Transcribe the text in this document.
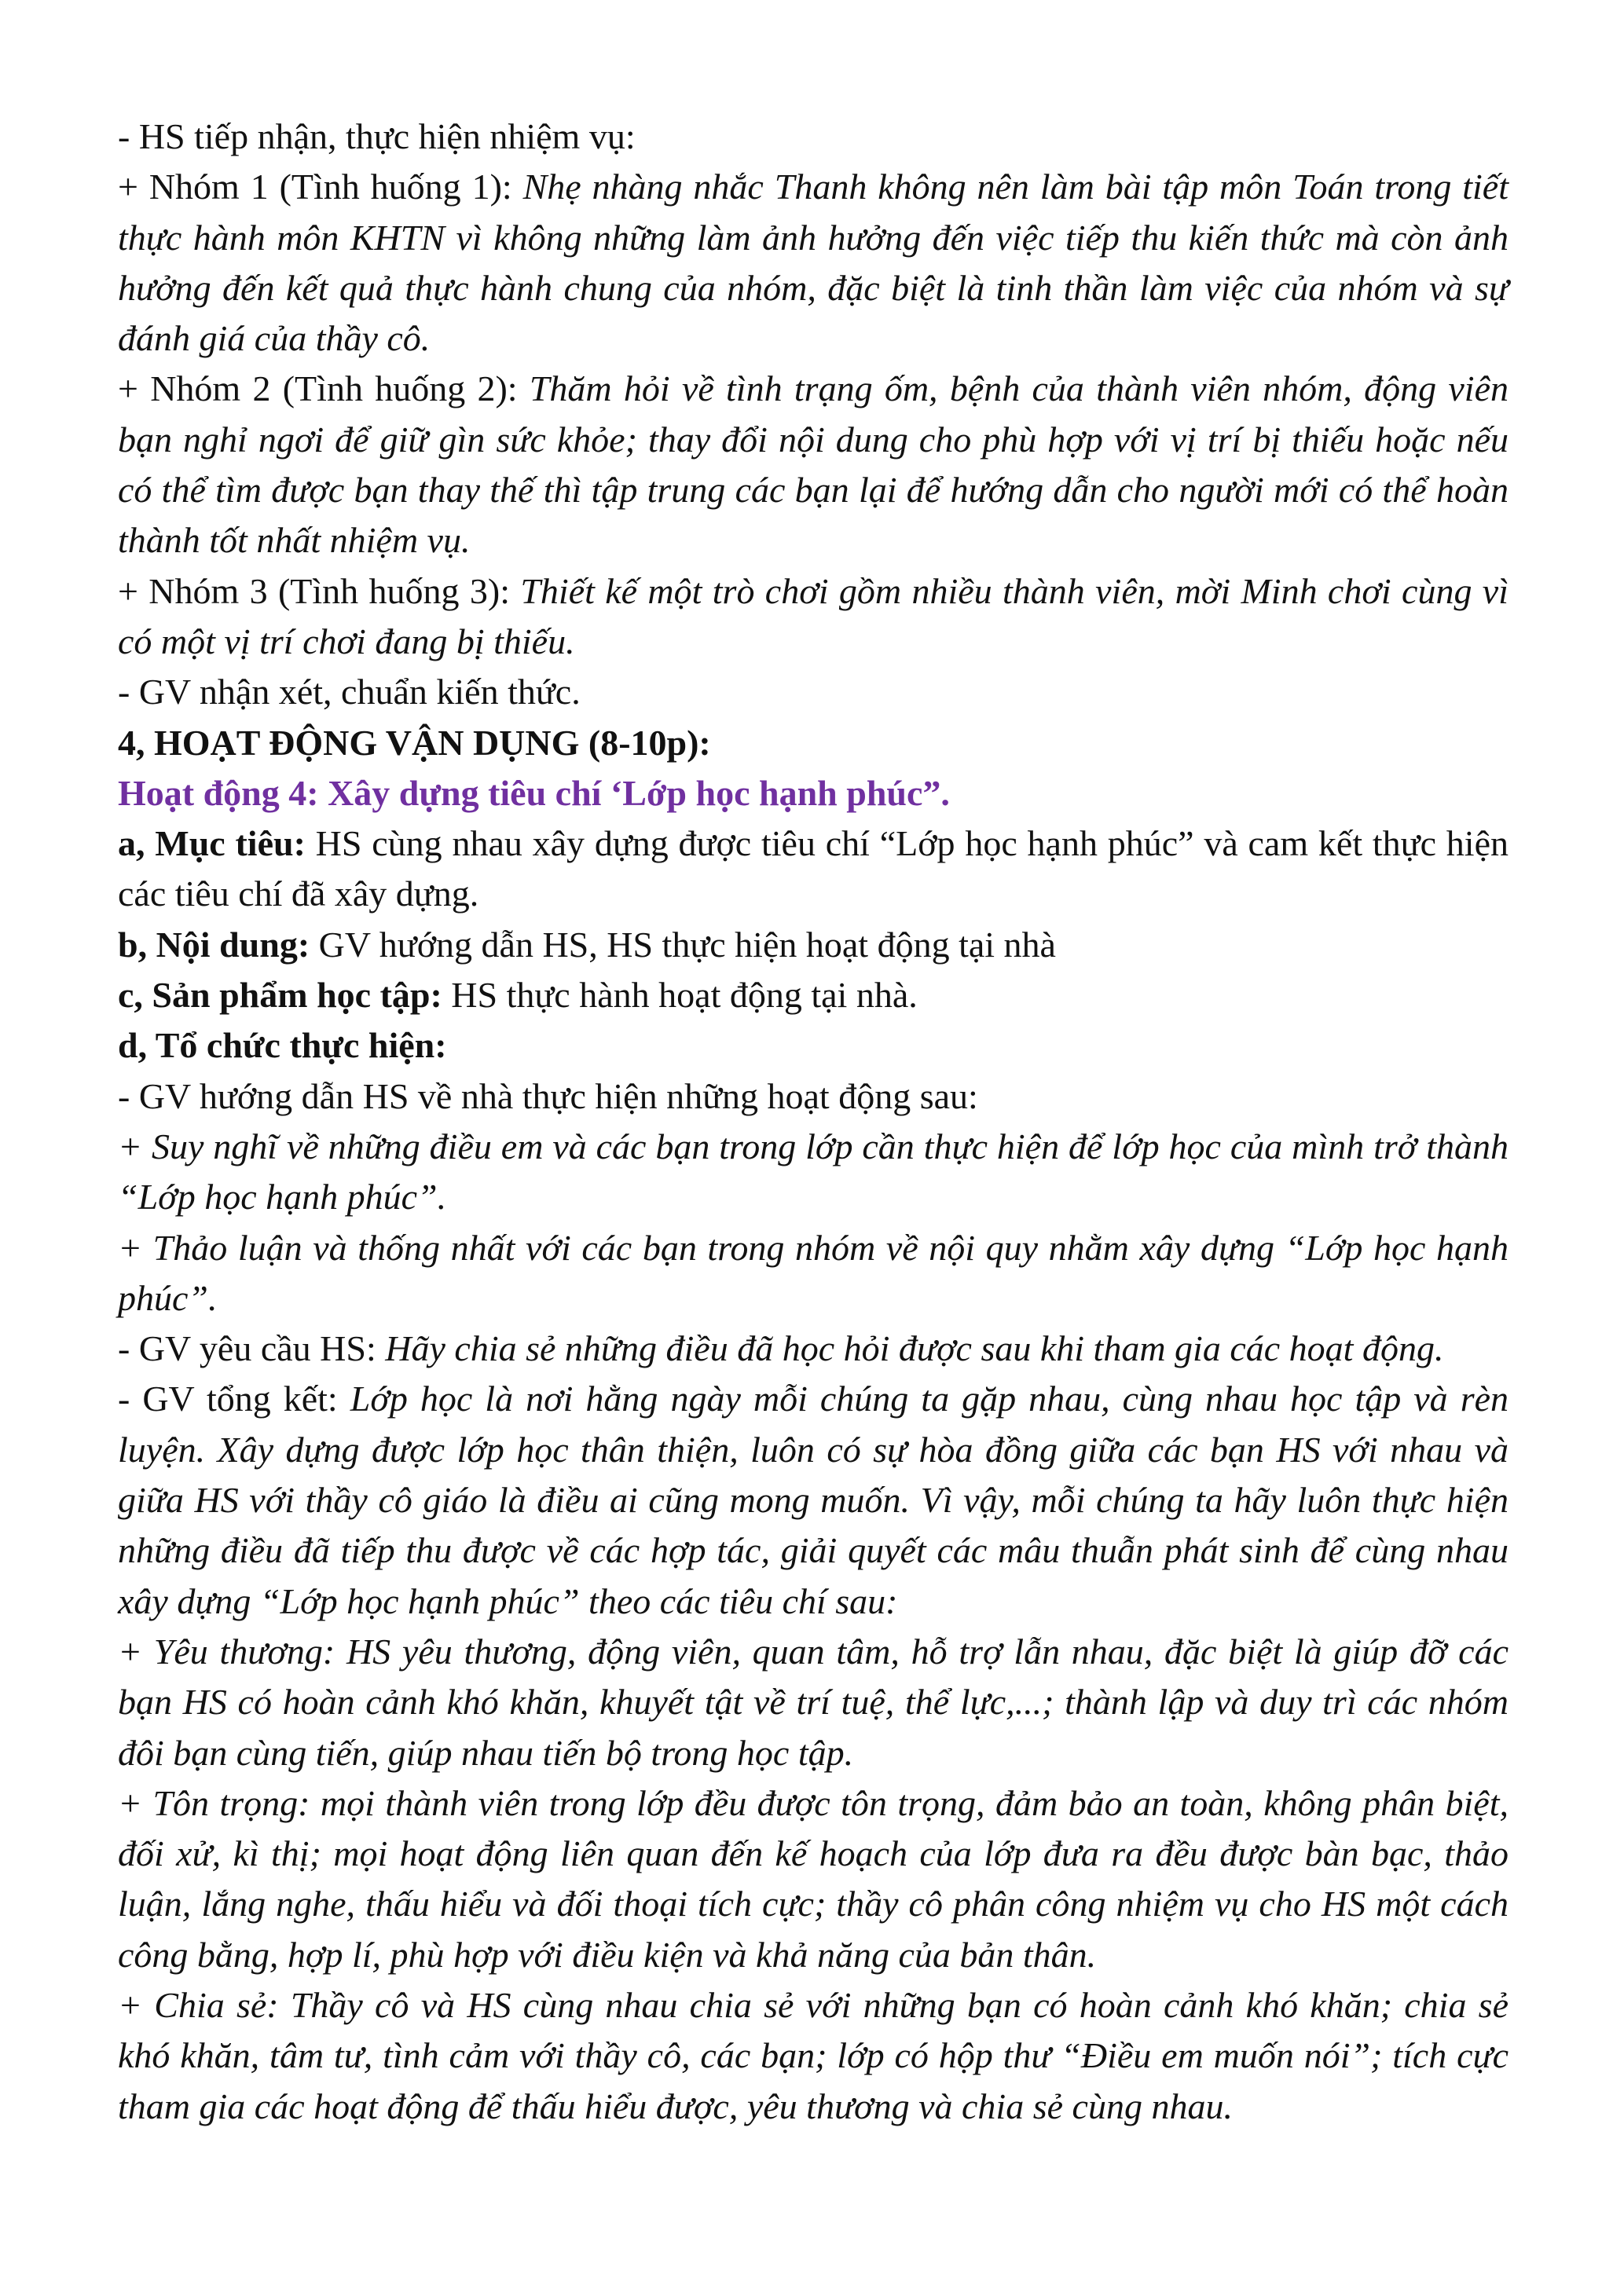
- HS tiếp nhận, thực hiện nhiệm vụ:

+ Nhóm 1 (Tình huống 1): Nhẹ nhàng nhắc Thanh không nên làm bài tập môn Toán trong tiết thực hành môn KHTN vì không những làm ảnh hưởng đến việc tiếp thu kiến thức mà còn ảnh hưởng đến kết quả thực hành chung của nhóm, đặc biệt là tinh thần làm việc của nhóm và sự đánh giá của thầy cô.

+ Nhóm 2 (Tình huống 2): Thăm hỏi về tình trạng ốm, bệnh của thành viên nhóm, động viên bạn nghỉ ngơi để giữ gìn sức khỏe; thay đổi nội dung cho phù hợp với vị trí bị thiếu hoặc nếu có thể tìm được bạn thay thế thì tập trung các bạn lại để hướng dẫn cho người mới có thể hoàn thành tốt nhất nhiệm vụ.

+ Nhóm 3 (Tình huống 3): Thiết kế một trò chơi gồm nhiều thành viên, mời Minh chơi cùng vì có một vị trí chơi đang bị thiếu.

- GV nhận xét, chuẩn kiến thức.

4, HOẠT ĐỘNG VẬN DỤNG (8-10p):

Hoạt động 4: Xây dựng tiêu chí ‘Lớp học hạnh phúc”.

a, Mục tiêu: HS cùng nhau xây dựng được tiêu chí “Lớp học hạnh phúc” và cam kết thực hiện các tiêu chí đã xây dựng.

b, Nội dung: GV hướng dẫn HS, HS thực hiện hoạt động tại nhà

c, Sản phẩm học tập: HS thực hành hoạt động tại nhà.

d, Tổ chức thực hiện:

- GV hướng dẫn HS về nhà thực hiện những hoạt động sau:

+ Suy nghĩ về những điều em và các bạn trong lớp cần thực hiện để lớp học của mình trở thành “Lớp học hạnh phúc”.

+ Thảo luận và thống nhất với các bạn trong nhóm về nội quy nhằm xây dựng “Lớp học hạnh phúc”.

- GV yêu cầu HS: Hãy chia sẻ những điều đã học hỏi được sau khi tham gia các hoạt động.

- GV tổng kết: Lớp học là nơi hằng ngày mỗi chúng ta gặp nhau, cùng nhau học tập và rèn luyện. Xây dựng được lớp học thân thiện, luôn có sự hòa đồng giữa các bạn HS với nhau và giữa HS với thầy cô giáo là điều ai cũng mong muốn. Vì vậy, mỗi chúng ta hãy luôn thực hiện những điều đã tiếp thu được về các hợp tác, giải quyết các mâu thuẫn phát sinh để cùng nhau xây dựng “Lớp học hạnh phúc” theo các tiêu chí sau:

+ Yêu thương: HS yêu thương, động viên, quan tâm, hỗ trợ lẫn nhau, đặc biệt là giúp đỡ các bạn HS có hoàn cảnh khó khăn, khuyết tật về trí tuệ, thể lực,...; thành lập và duy trì các nhóm đôi bạn cùng tiến, giúp nhau tiến bộ trong học tập.

+ Tôn trọng: mọi thành viên trong lớp đều được tôn trọng, đảm bảo an toàn, không phân biệt, đối xử, kì thị; mọi hoạt động liên quan đến kế hoạch của lớp đưa ra đều được bàn bạc, thảo luận, lắng nghe, thấu hiểu và đối thoại tích cực; thầy cô phân công nhiệm vụ cho HS một cách công bằng, hợp lí, phù hợp với điều kiện và khả năng của bản thân.

+ Chia sẻ: Thầy cô và HS cùng nhau chia sẻ với những bạn có hoàn cảnh khó khăn; chia sẻ khó khăn, tâm tư, tình cảm với thầy cô, các bạn; lớp có hộp thư “Điều em muốn nói”; tích cực tham gia các hoạt động để thấu hiểu được, yêu thương và chia sẻ cùng nhau.
